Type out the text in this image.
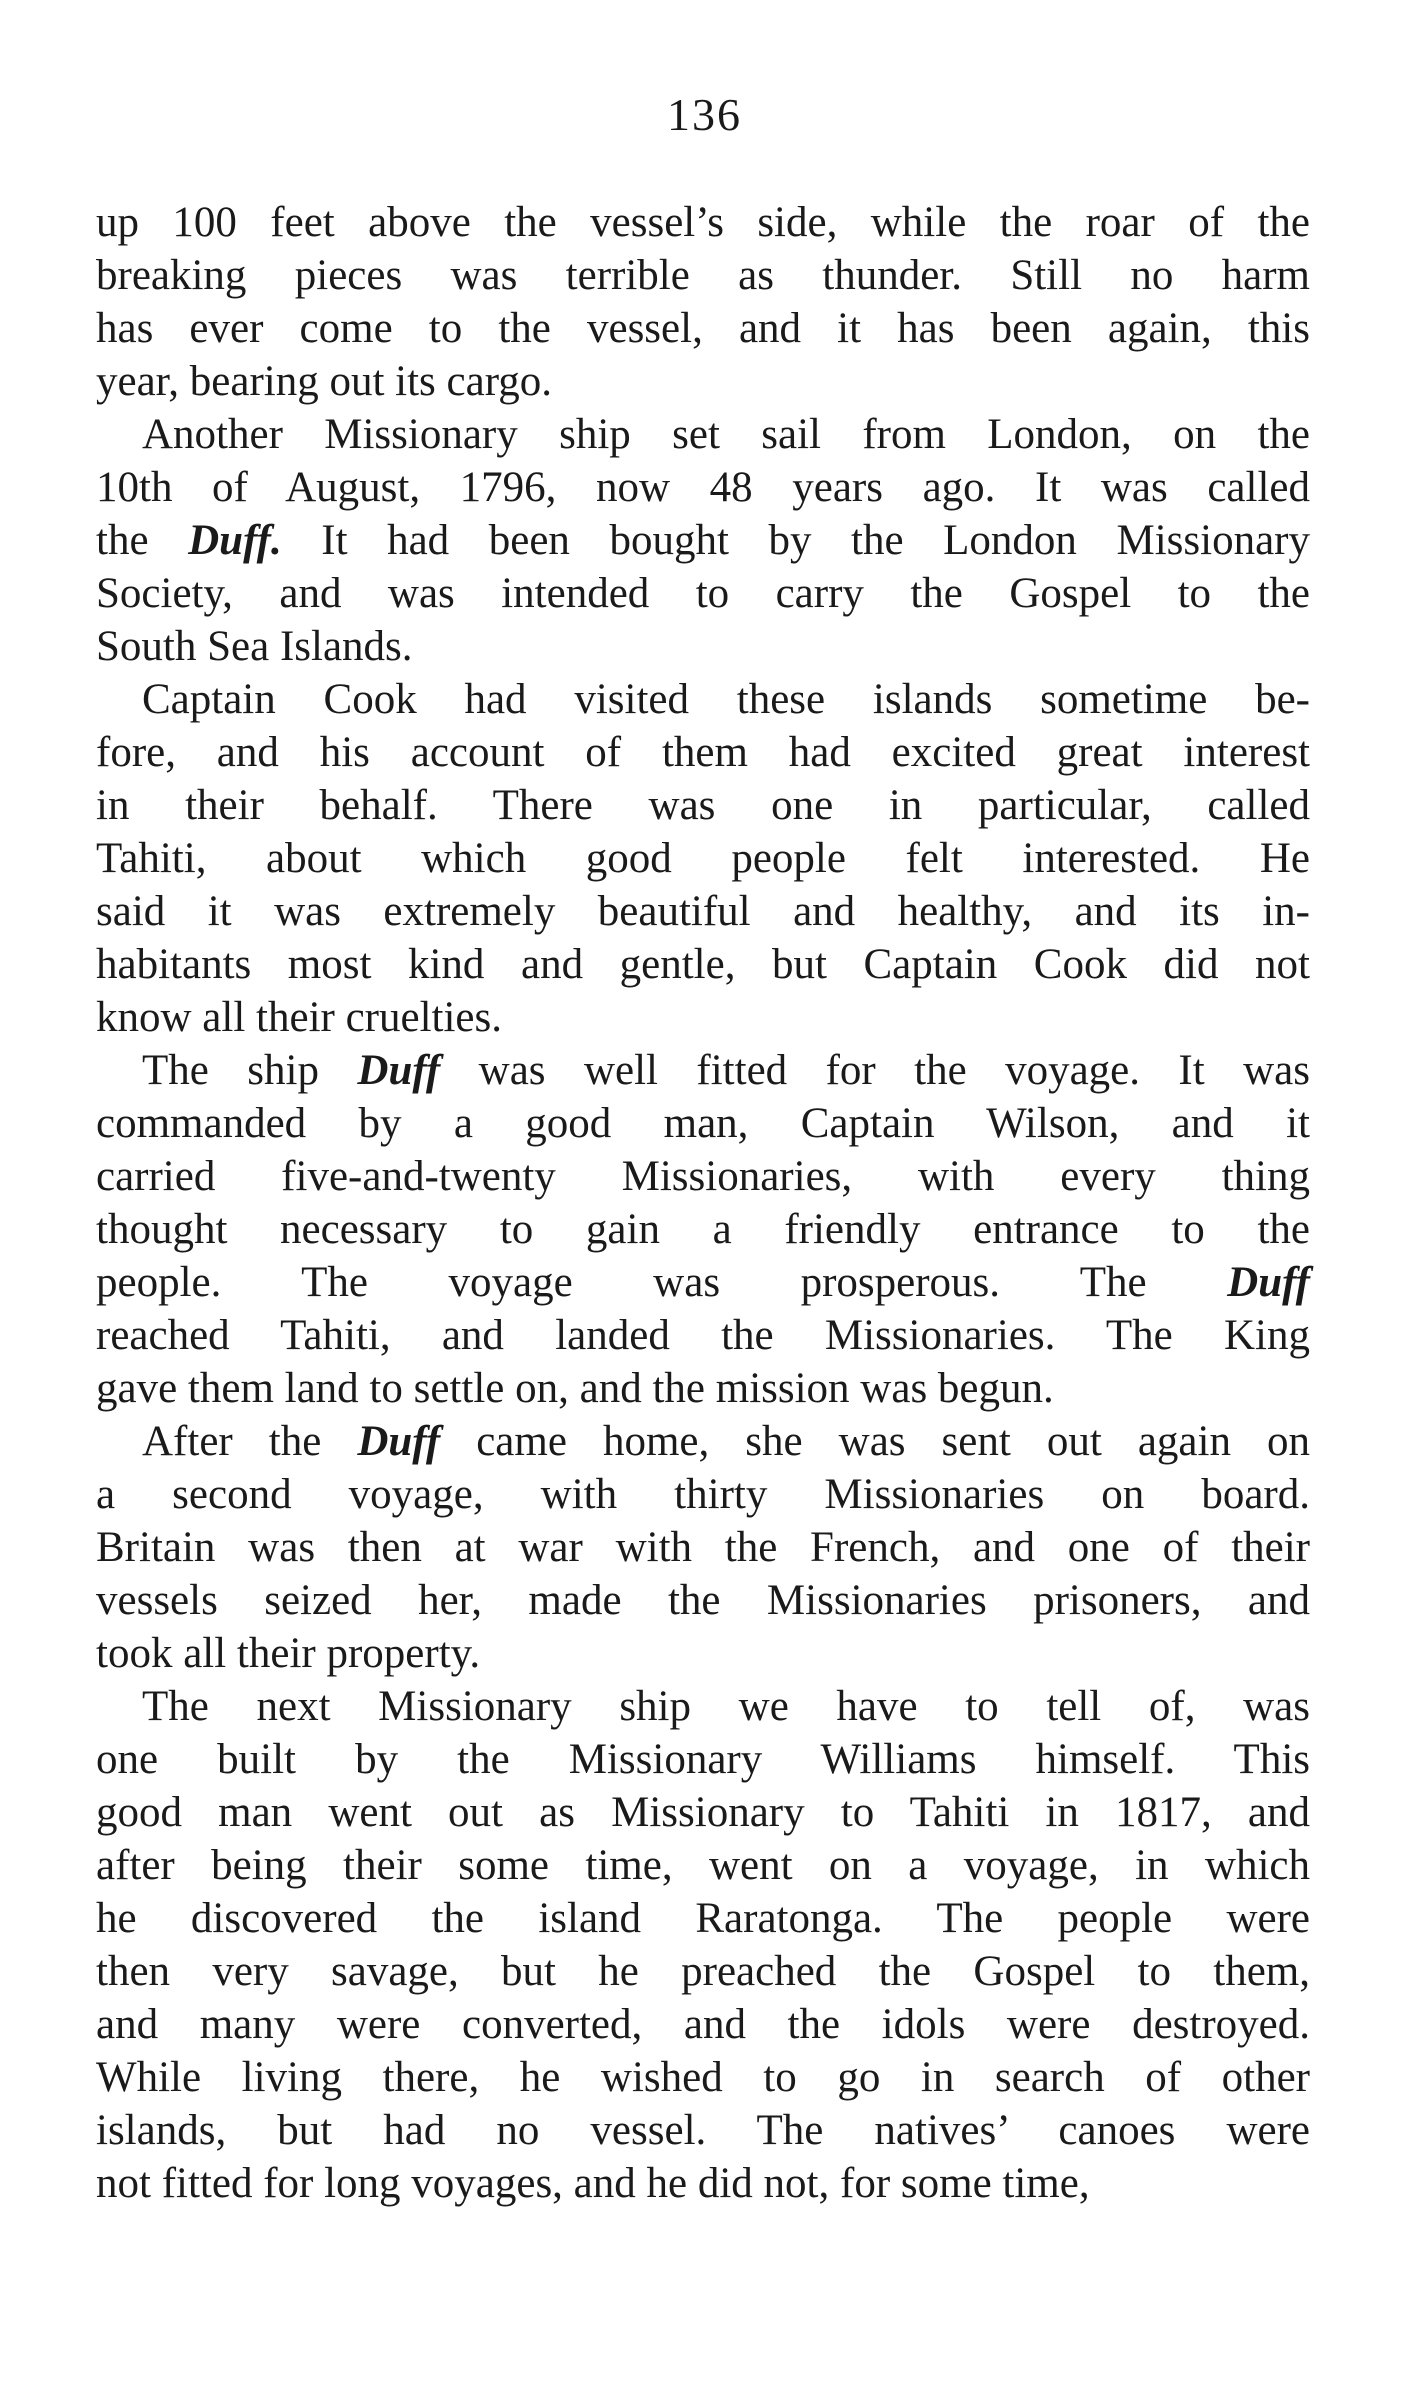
136
up 100 feet above the vessel’s side, while the roar of the
breaking pieces was terrible as thunder. Still no harm
has ever come to the vessel, and it has been again, this
year, bearing out its cargo.
Another Missionary ship set sail from London, on the
10th of August, 1796, now 48 years ago. It was called
the Duff. It had been bought by the London Missionary
Society, and was intended to carry the Gospel to the
South Sea Islands.
Captain Cook had visited these islands sometime be-
fore, and his account of them had excited great interest
in their behalf. There was one in particular, called
Tahiti, about which good people felt interested. He
said it was extremely beautiful and healthy, and its in-
habitants most kind and gentle, but Captain Cook did not
know all their cruelties.
The ship Duff was well fitted for the voyage. It was
commanded by a good man, Captain Wilson, and it
carried five-and-twenty Missionaries, with every thing
thought necessary to gain a friendly entrance to the
people. The voyage was prosperous. The Duff
reached Tahiti, and landed the Missionaries. The King
gave them land to settle on, and the mission was begun.
After the Duff came home, she was sent out again on
a second voyage, with thirty Missionaries on board.
Britain was then at war with the French, and one of their
vessels seized her, made the Missionaries prisoners, and
took all their property.
The next Missionary ship we have to tell of, was
one built by the Missionary Williams himself. This
good man went out as Missionary to Tahiti in 1817, and
after being their some time, went on a voyage, in which
he discovered the island Raratonga. The people were
then very savage, but he preached the Gospel to them,
and many were converted, and the idols were destroyed.
While living there, he wished to go in search of other
islands, but had no vessel. The natives’ canoes were
not fitted for long voyages, and he did not, for some time,
